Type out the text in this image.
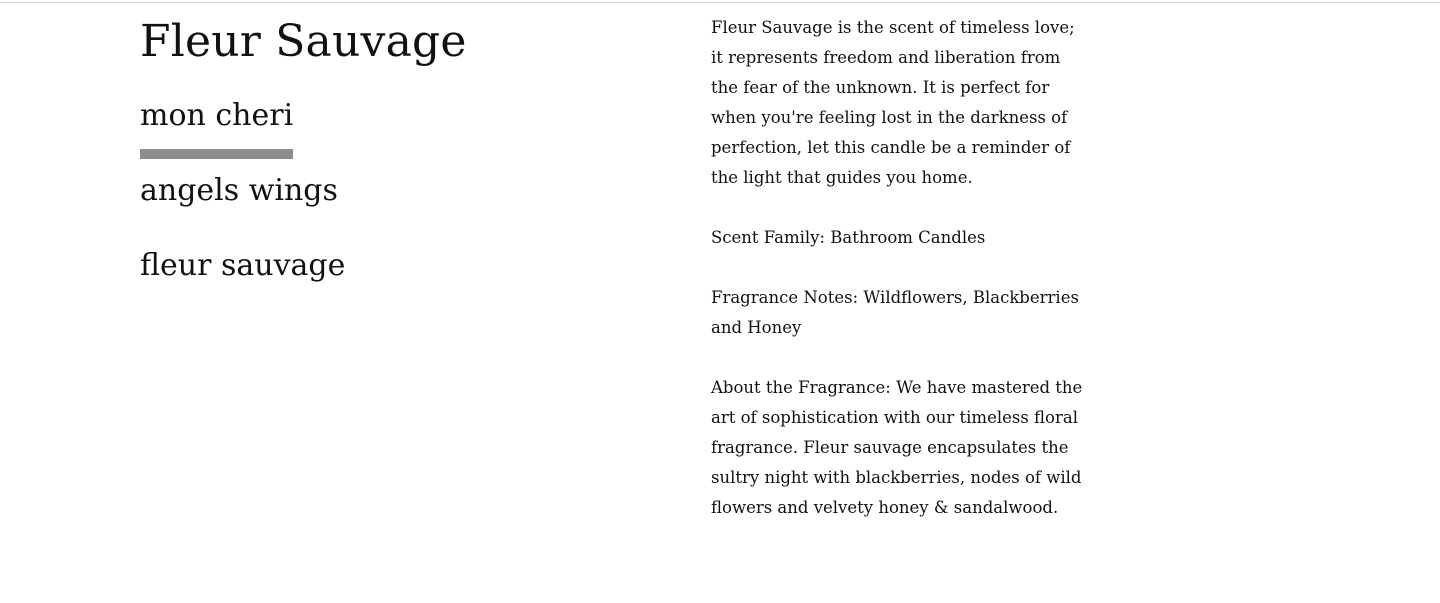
Fleur Sauvage
mon cheri
angels wings
fleur sauvage

Fleur Sauvage is the scent of timeless love; it represents freedom and liberation from the fear of the unknown. It is perfect for when you're feeling lost in the darkness of perfection, let this candle be a reminder of the light that guides you home.

Scent Family: Bathroom Candles

Fragrance Notes: Wildflowers, Blackberries and Honey

About the Fragrance: We have mastered the art of sophistication with our timeless floral fragrance. Fleur sauvage encapsulates the sultry night with blackberries, nodes of wild flowers and velvety honey & sandalwood.
